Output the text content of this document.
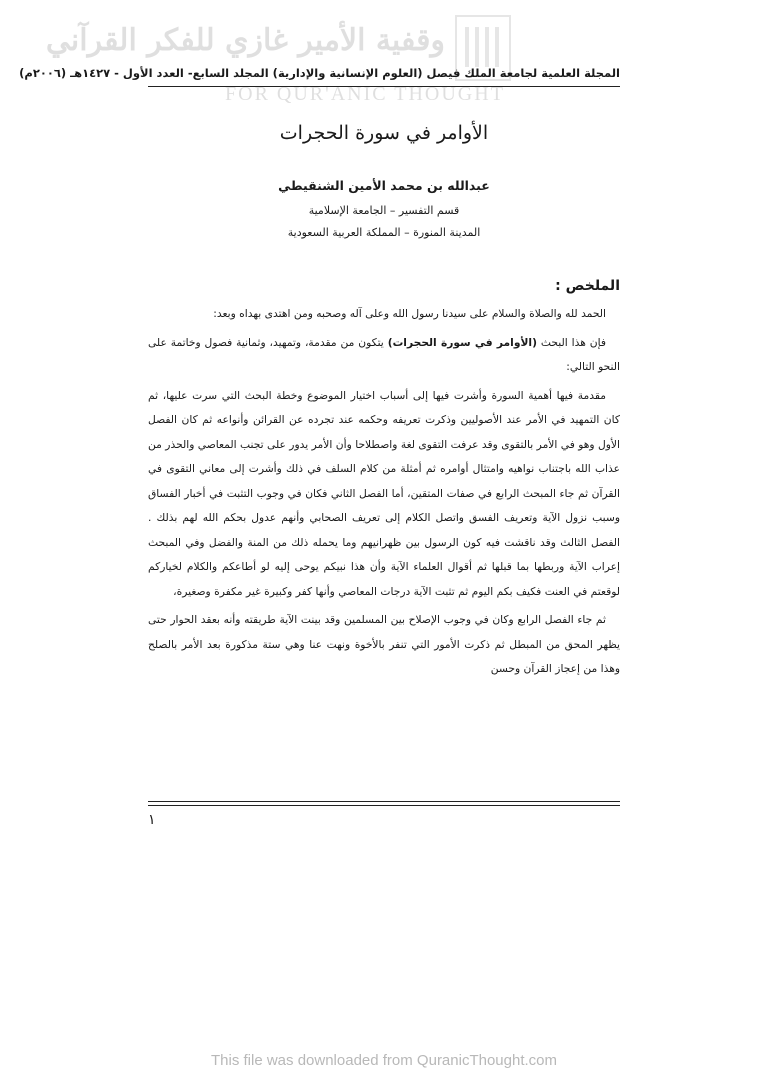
وقفية الأمير غازي للفكر القرآني
FOR QUR'ANIC THOUGHT
المجلة العلمية لجامعة الملك فيصل (العلوم الإنسانية والإدارية) المجلد السابع- العدد الأول - ١٤٢٧هـ (٢٠٠٦م)
الأوامر في سورة الحجرات
عبدالله بن محمد الأمين الشنقيطي
قسم التفسير – الجامعة الإسلامية
المدينة المنورة – المملكة العربية السعودية
الملخص :

الحمد لله والصلاة والسلام على سيدنا رسول الله وعلى آله وصحبه ومن اهتدى بهداه وبعد:

فإن هذا البحث (الأوامر في سورة الحجرات) يتكون من مقدمة، وتمهيد، وثمانية فصول وخاتمة على النحو التالي:

مقدمة فيها أهمية السورة وأشرت فيها إلى أسباب اختيار الموضوع وخطة البحث التي سرت عليها، ثم كان التمهيد في الأمر عند الأصوليين وذكرت تعريفه وحكمه عند تجرده عن القرائن وأنواعه ثم كان الفصل الأول وهو في الأمر بالتقوى وقد عرفت التقوى لغة واصطلاحا وأن الأمر يدور على تجنب المعاصي والحذر من عذاب الله باجتناب نواهيه وامتثال أوامره ثم أمثلة من كلام السلف في ذلك وأشرت إلى معاني التقوى في القرآن ثم جاء المبحث الرابع في صفات المتقين، أما الفصل الثاني فكان في وجوب التثبت في أخبار الفساق وسبب نزول الآية وتعريف الفسق واتصل الكلام إلى تعريف الصحابي وأنهم عدول بحكم الله لهم بذلك . الفصل الثالث وقد ناقشت فيه كون الرسول بين ظهرانيهم وما يحمله ذلك من المنة والفضل وفي المبحث إعراب الآية وربطها بما قبلها ثم أقوال العلماء الآية وأن هذا نبيكم يوحى إليه لو أطاعكم والكلام لخياركم لوقعتم في العنت فكيف بكم اليوم ثم تثبت الآية درجات المعاصي وأنها كفر وكبيرة غير مكفرة وصغيرة،

ثم جاء الفصل الرابع وكان في وجوب الإصلاح بين المسلمين وقد بينت الآية طريقته وأنه بعقد الحوار حتى يظهر المحق من المبطل ثم ذكرت الأمور التي تنفر بالأخوة ونهت عنا وهي ستة مذكورة بعد الأمر بالصلح وهذا من إعجاز القرآن وحسن

١
This file was downloaded from QuranicThought.com
